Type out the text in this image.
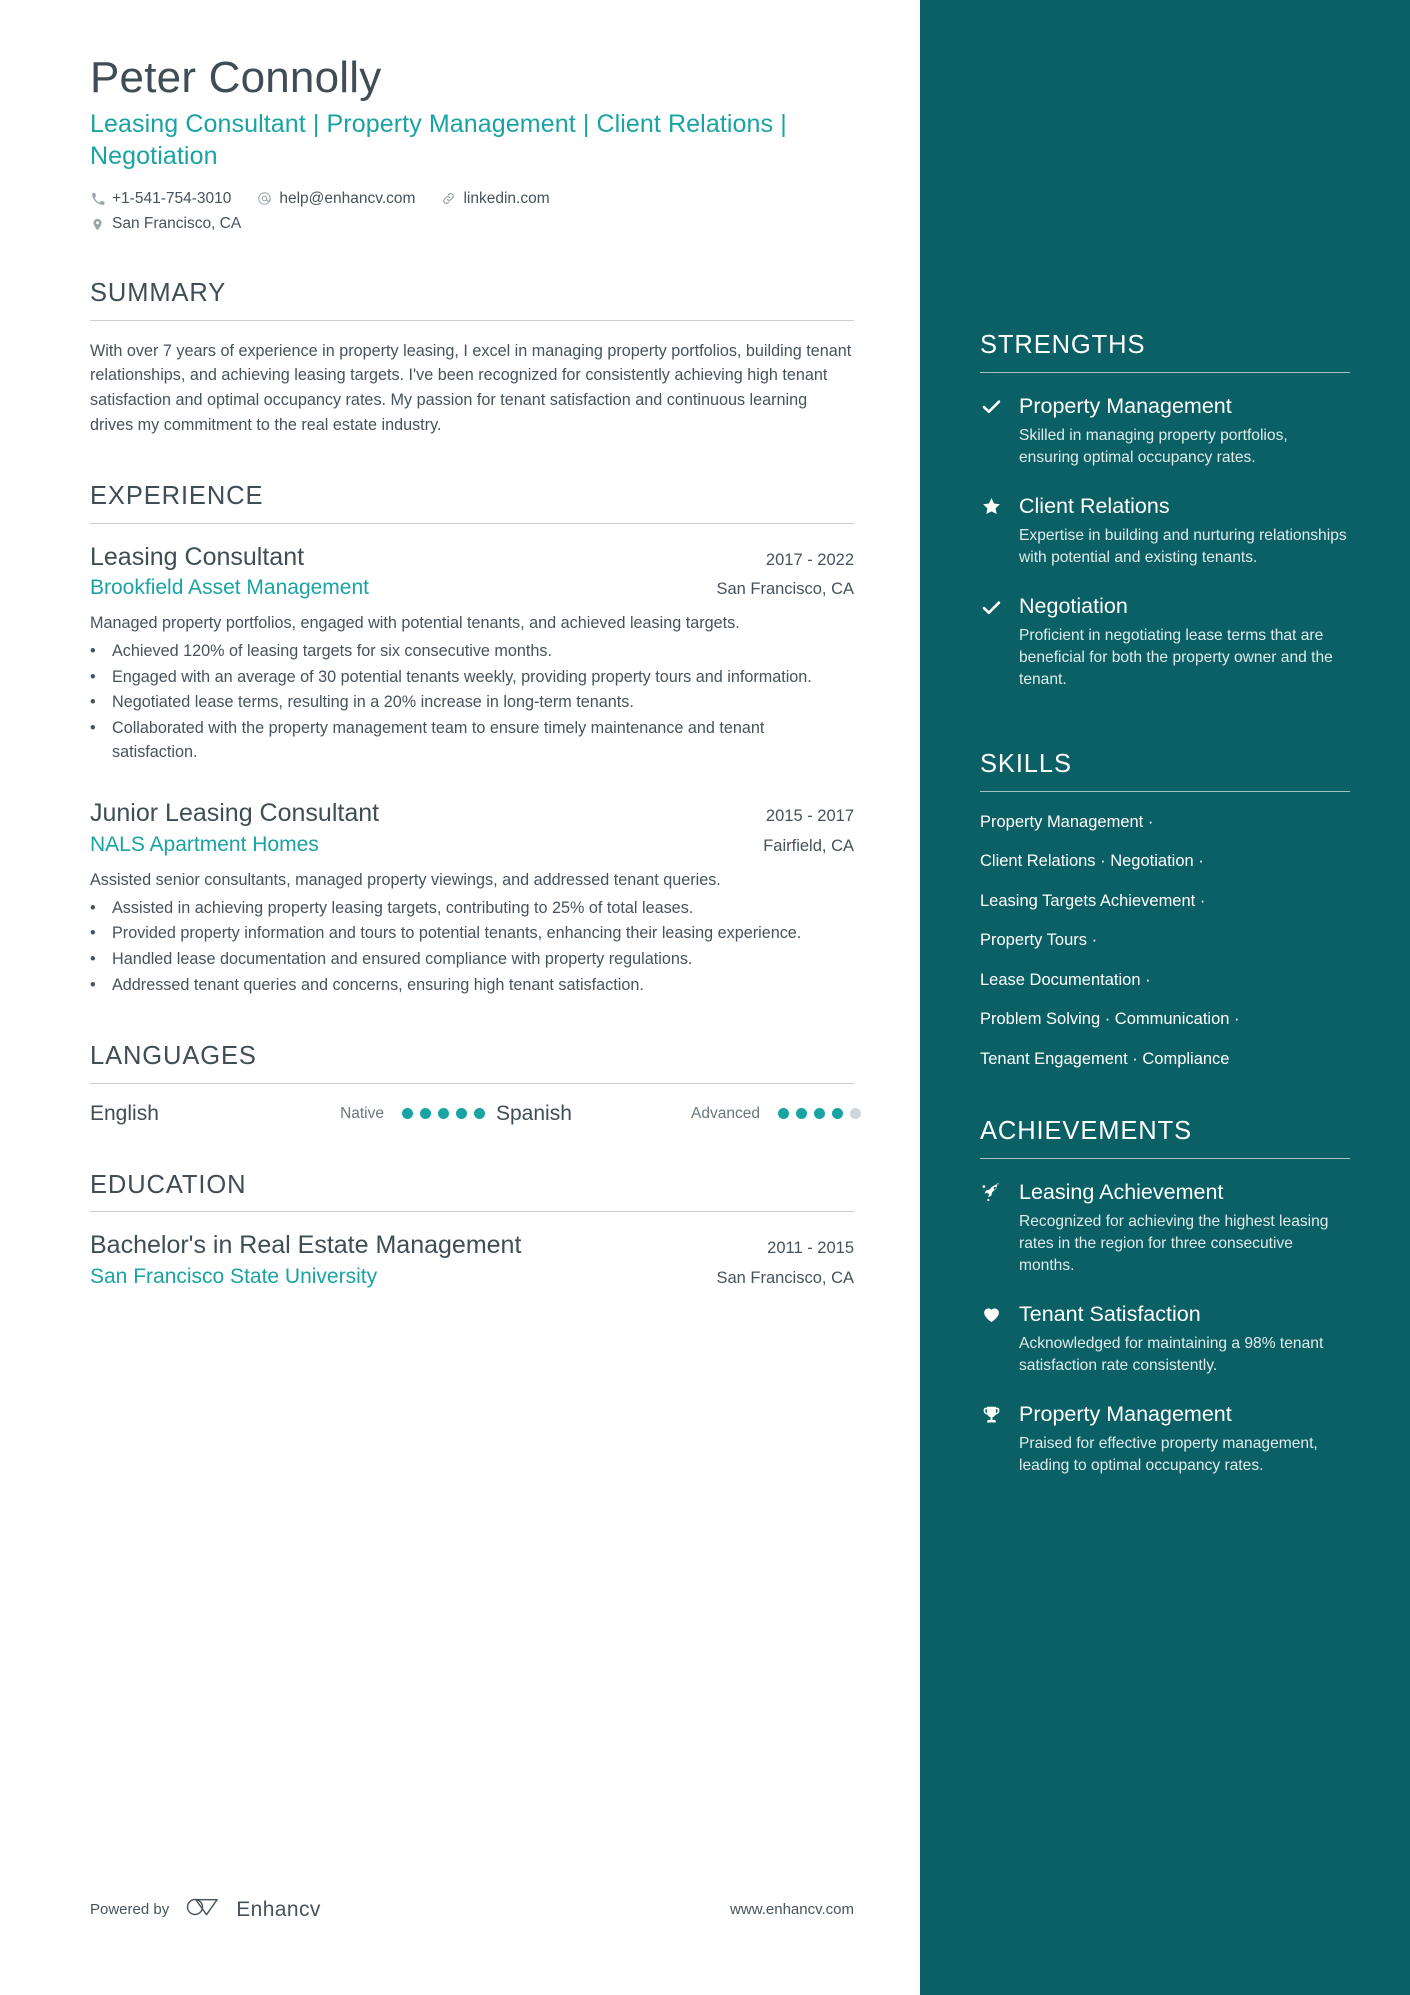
Peter Connolly
Leasing Consultant | Property Management | Client Relations | Negotiation
+1-541-754-3010	help@enhancv.com	linkedin.com
San Francisco, CA
SUMMARY
With over 7 years of experience in property leasing, I excel in managing property portfolios, building tenant relationships, and achieving leasing targets. I've been recognized for consistently achieving high tenant satisfaction and optimal occupancy rates. My passion for tenant satisfaction and continuous learning drives my commitment to the real estate industry.
EXPERIENCE
Leasing Consultant	2017 - 2022
Brookfield Asset Management	San Francisco, CA
Managed property portfolios, engaged with potential tenants, and achieved leasing targets.
• Achieved 120% of leasing targets for six consecutive months.
• Engaged with an average of 30 potential tenants weekly, providing property tours and information.
• Negotiated lease terms, resulting in a 20% increase in long-term tenants.
• Collaborated with the property management team to ensure timely maintenance and tenant satisfaction.
Junior Leasing Consultant	2015 - 2017
NALS Apartment Homes	Fairfield, CA
Assisted senior consultants, managed property viewings, and addressed tenant queries.
• Assisted in achieving property leasing targets, contributing to 25% of total leases.
• Provided property information and tours to potential tenants, enhancing their leasing experience.
• Handled lease documentation and ensured compliance with property regulations.
• Addressed tenant queries and concerns, ensuring high tenant satisfaction.
LANGUAGES
English	Native	Spanish	Advanced
EDUCATION
Bachelor's in Real Estate Management	2011 - 2015
San Francisco State University	San Francisco, CA
Powered by	Enhancv	www.enhancv.com
STRENGTHS
Property Management
Skilled in managing property portfolios, ensuring optimal occupancy rates.
Client Relations
Expertise in building and nurturing relationships with potential and existing tenants.
Negotiation
Proficient in negotiating lease terms that are beneficial for both the property owner and the tenant.
SKILLS
Property Management ·
Client Relations · Negotiation ·
Leasing Targets Achievement ·
Property Tours ·
Lease Documentation ·
Problem Solving · Communication ·
Tenant Engagement · Compliance
ACHIEVEMENTS
Leasing Achievement
Recognized for achieving the highest leasing rates in the region for three consecutive months.
Tenant Satisfaction
Acknowledged for maintaining a 98% tenant satisfaction rate consistently.
Property Management
Praised for effective property management, leading to optimal occupancy rates.
